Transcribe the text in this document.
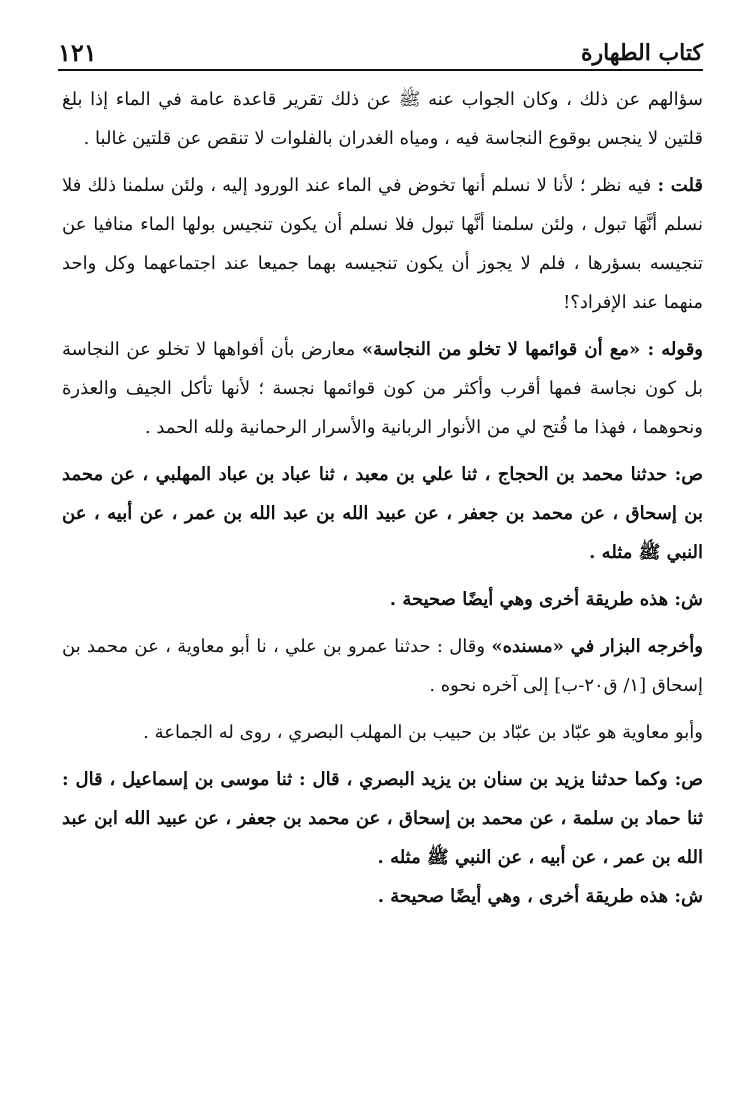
كتاب الطهارة
١٢١

سؤالهم عن ذلك ، وكان الجواب عنه ﷺ عن ذلك تقرير قاعدة عامة في الماء إذا بلغ قلتين لا ينجس بوقوع النجاسة فيه ، ومياه الغدران بالفلوات لا تنقص عن قلتين غالبا .

قلت : فيه نظر ؛ لأنا لا نسلم أنها تخوض في الماء عند الورود إليه ، ولئن سلمنا ذلك فلا نسلم أنَّهَا تبول ، ولئن سلمنا أنَّها تبول فلا نسلم أن يكون تنجيس بولها الماء منافيا عن تنجيسه بسؤرها ، فلم لا يجوز أن يكون تنجيسه بهما جميعا عند اجتماعهما وكل واحد منهما عند الإفراد؟!

وقوله : «مع أن قوائمها لا تخلو من النجاسة» معارض بأن أفواهها لا تخلو عن النجاسة بل كون نجاسة فمها أقرب وأكثر من كون قوائمها نجسة ؛ لأنها تأكل الجيف والعذرة ونحوهما ، فهذا ما فُتح لي من الأنوار الربانية والأسرار الرحمانية ولله الحمد .

ص: حدثنا محمد بن الحجاج ، ثنا علي بن معبد ، ثنا عباد بن عباد المهلبي ، عن محمد بن إسحاق ، عن محمد بن جعفر ، عن عبيد الله بن عبد الله بن عمر ، عن أبيه ، عن النبي ﷺ مثله .

ش: هذه طريقة أخرى وهي أيضًا صحيحة .

وأخرجه البزار في «مسنده» وقال : حدثنا عمرو بن علي ، نا أبو معاوية ، عن محمد بن إسحاق [١/ ق٢٠-ب] إلى آخره نحوه .

وأبو معاوية هو عبّاد بن عبّاد بن حبيب بن المهلب البصري ، روى له الجماعة .

ص: وكما حدثنا يزيد بن سنان بن يزيد البصري ، قال : ثنا موسى بن إسماعيل ، قال : ثنا حماد بن سلمة ، عن محمد بن إسحاق ، عن محمد بن جعفر ، عن عبيد الله ابن عبد الله بن عمر ، عن أبيه ، عن النبي ﷺ مثله .

ش: هذه طريقة أخرى ، وهي أيضًا صحيحة .
